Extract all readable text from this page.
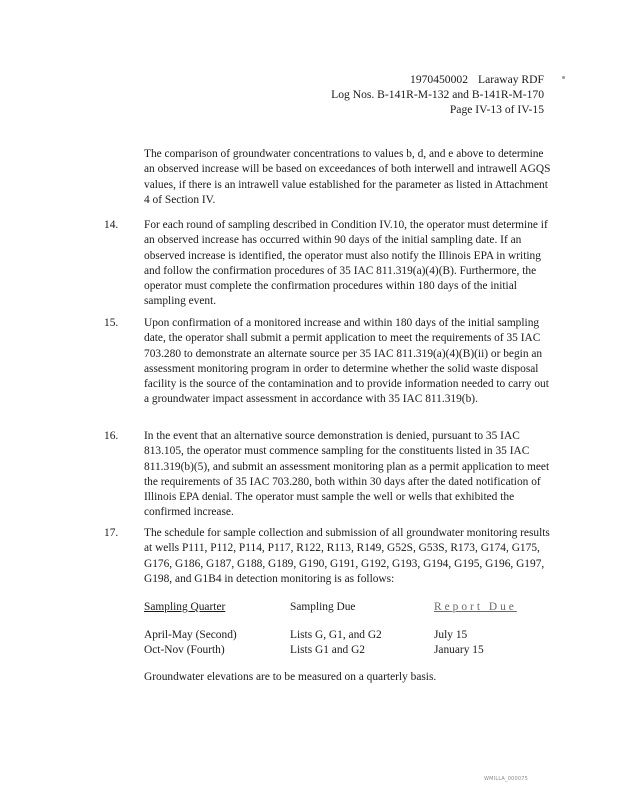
1970450002 Laraway RDF
Log Nos. B-141R-M-132 and B-141R-M-170
Page IV-13 of IV-15
The comparison of groundwater concentrations to values b, d, and e above to determine an observed increase will be based on exceedances of both interwell and intrawell AGQS values, if there is an intrawell value established for the parameter as listed in Attachment 4 of Section IV.
14.	For each round of sampling described in Condition IV.10, the operator must determine if an observed increase has occurred within 90 days of the initial sampling date. If an observed increase is identified, the operator must also notify the Illinois EPA in writing and follow the confirmation procedures of 35 IAC 811.319(a)(4)(B). Furthermore, the operator must complete the confirmation procedures within 180 days of the initial sampling event.
15.	Upon confirmation of a monitored increase and within 180 days of the initial sampling date, the operator shall submit a permit application to meet the requirements of 35 IAC 703.280 to demonstrate an alternate source per 35 IAC 811.319(a)(4)(B)(ii) or begin an assessment monitoring program in order to determine whether the solid waste disposal facility is the source of the contamination and to provide information needed to carry out a groundwater impact assessment in accordance with 35 IAC 811.319(b).
16.	In the event that an alternative source demonstration is denied, pursuant to 35 IAC 813.105, the operator must commence sampling for the constituents listed in 35 IAC 811.319(b)(5), and submit an assessment monitoring plan as a permit application to meet the requirements of 35 IAC 703.280, both within 30 days after the dated notification of Illinois EPA denial. The operator must sample the well or wells that exhibited the confirmed increase.
17.	The schedule for sample collection and submission of all groundwater monitoring results at wells P111, P112, P114, P117, R122, R113, R149, G52S, G53S, R173, G174, G175, G176, G186, G187, G188, G189, G190, G191, G192, G193, G194, G195, G196, G197, G198, and G1B4 in detection monitoring is as follows:
Sampling Quarter	Sampling Due	Report Due
April-May (Second)	Lists G, G1, and G2	July 15
Oct-Nov (Fourth)	Lists G1 and G2	January 15
Groundwater elevations are to be measured on a quarterly basis.
WMILLA_000075
